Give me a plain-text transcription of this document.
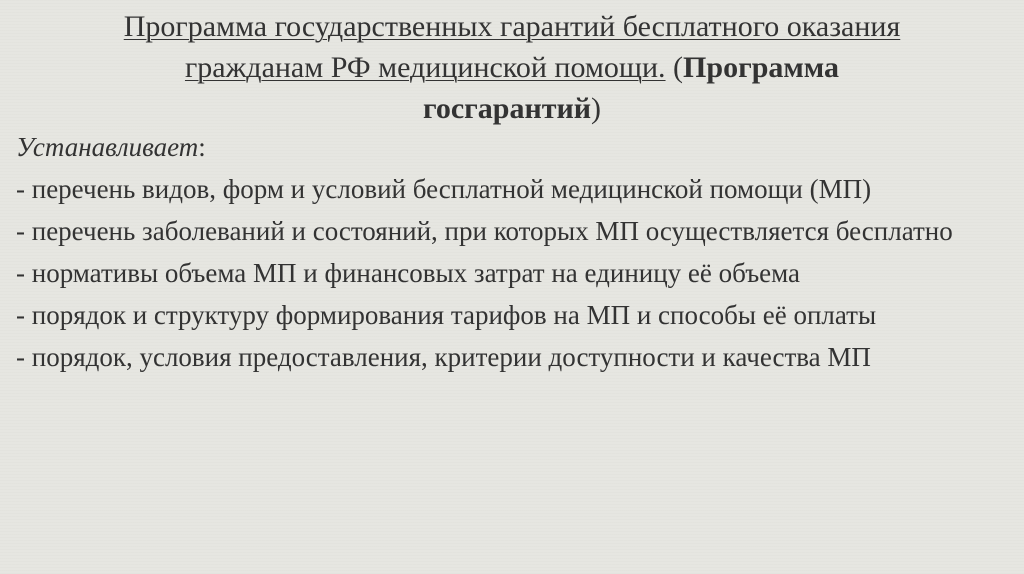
Программа государственных гарантий бесплатного оказания
гражданам РФ медицинской помощи. (Программа
госгарантий)
Устанавливает:
- перечень видов, форм и условий бесплатной медицинской помощи (МП)
- перечень заболеваний и состояний, при которых МП осуществляется бесплатно
- нормативы объема МП и финансовых затрат на единицу её объема
- порядок и структуру формирования тарифов на МП и способы её оплаты
- порядок, условия предоставления, критерии доступности и качества МП
